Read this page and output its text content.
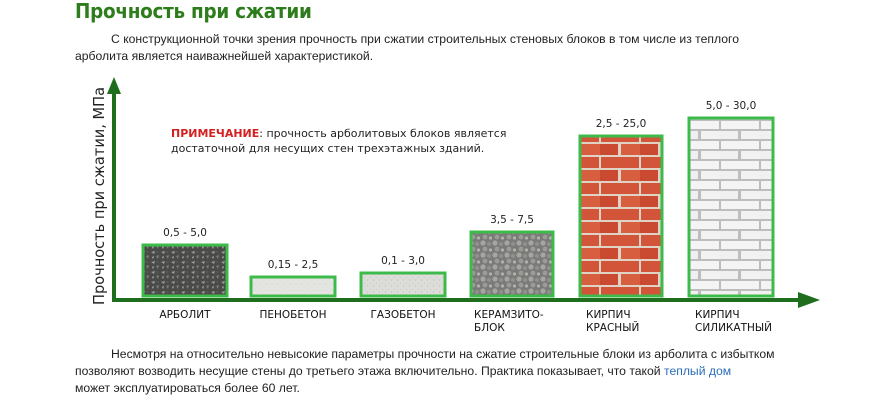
Прочность при сжатии
С конструкционной точки зрения прочность при сжатии строительных стеновых блоков в том числе из теплого
арболита является наиважнейшей характеристикой.
Прочность при сжатии, МПа	0,5 - 5,0
АРБОЛИТ
0,15 - 2,5
ПЕНОБЕТОН
0,1 - 3,0
ГАЗОБЕТОН
3,5 - 7,5
КЕРАМЗИТО-
БЛОК
2,5 - 25,0
КИРПИЧ
КРАСНЫЙ
5,0 - 30,0
КИРПИЧ
СИЛИКАТНЫЙ
ПРИМЕЧАНИЕ: прочность арболитовых блоков является
достаточной для несущих стен трехэтажных зданий.
Несмотря на относительно невысокие параметры прочности на сжатие строительные блоки из арболита с избытком
позволяют возводить несущие стены до третьего этажа включительно. Практика показывает, что такой теплый дом
может эксплуатироваться более 60 лет.
